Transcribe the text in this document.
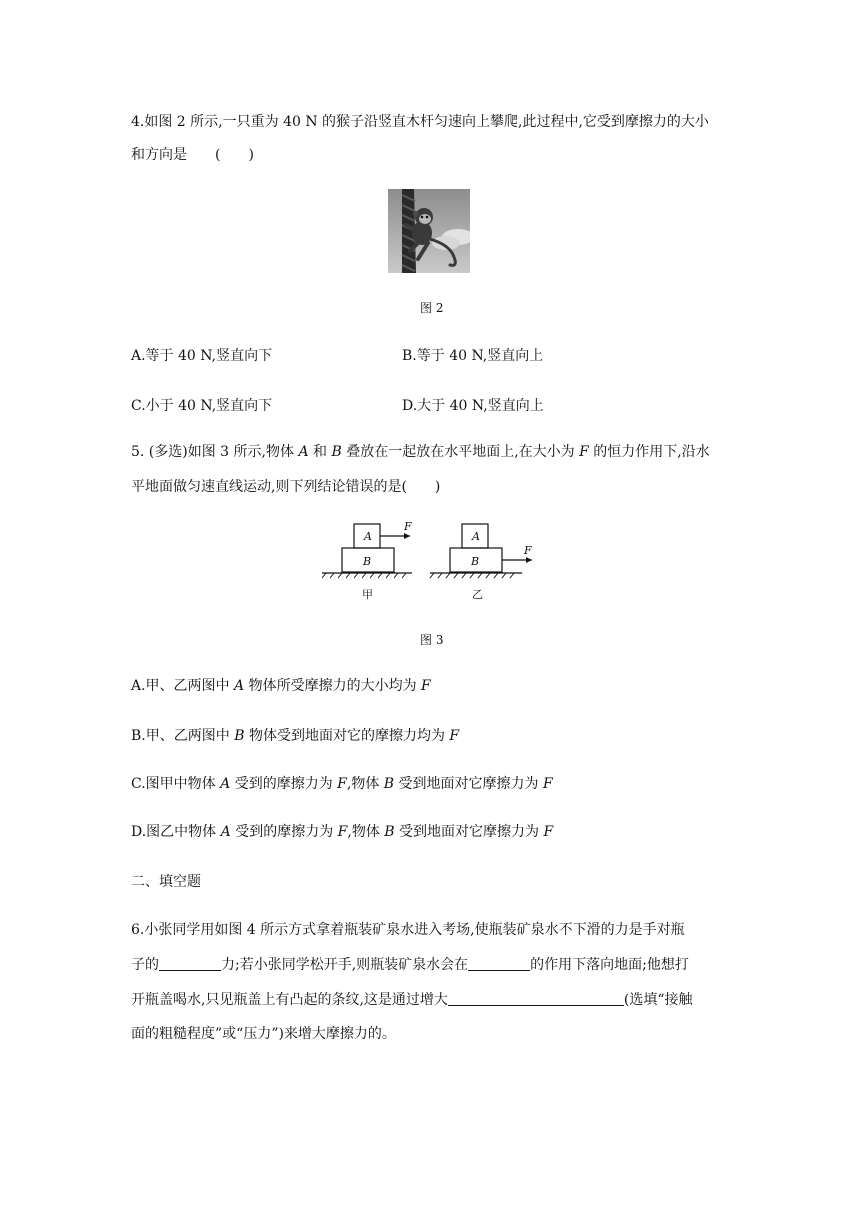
4.如图 2 所示,一只重为 40 N 的猴子沿竖直木杆匀速向上攀爬,此过程中,它受到摩擦力的大小
和方向是　　(　　)
图 2
A.等于 40 N,竖直向下	B.等于 40 N,竖直向上
C.小于 40 N,竖直向下	D.大于 40 N,竖直向上
5. (多选)如图 3 所示,物体 A 和 B 叠放在一起放在水平地面上,在大小为 F 的恒力作用下,沿水
平地面做匀速直线运动,则下列结论错误的是(　　)
A
B
F
A
B
F
甲	乙
图 3
A.甲、乙两图中 A 物体所受摩擦力的大小均为 F
B.甲、乙两图中 B 物体受到地面对它的摩擦力均为 F
C.图甲中物体 A 受到的摩擦力为 F,物体 B 受到地面对它摩擦力为 F
D.图乙中物体 A 受到的摩擦力为 F,物体 B 受到地面对它摩擦力为 F
二、填空题
6.小张同学用如图 4 所示方式拿着瓶装矿泉水进入考场,使瓶装矿泉水不下滑的力是手对瓶
子的	力;若小张同学松开手,则瓶装矿泉水会在	的作用下落向地面;他想打
开瓶盖喝水,只见瓶盖上有凸起的条纹,这是通过增大	(选填“接触
面的粗糙程度”或“压力”)来增大摩擦力的。
